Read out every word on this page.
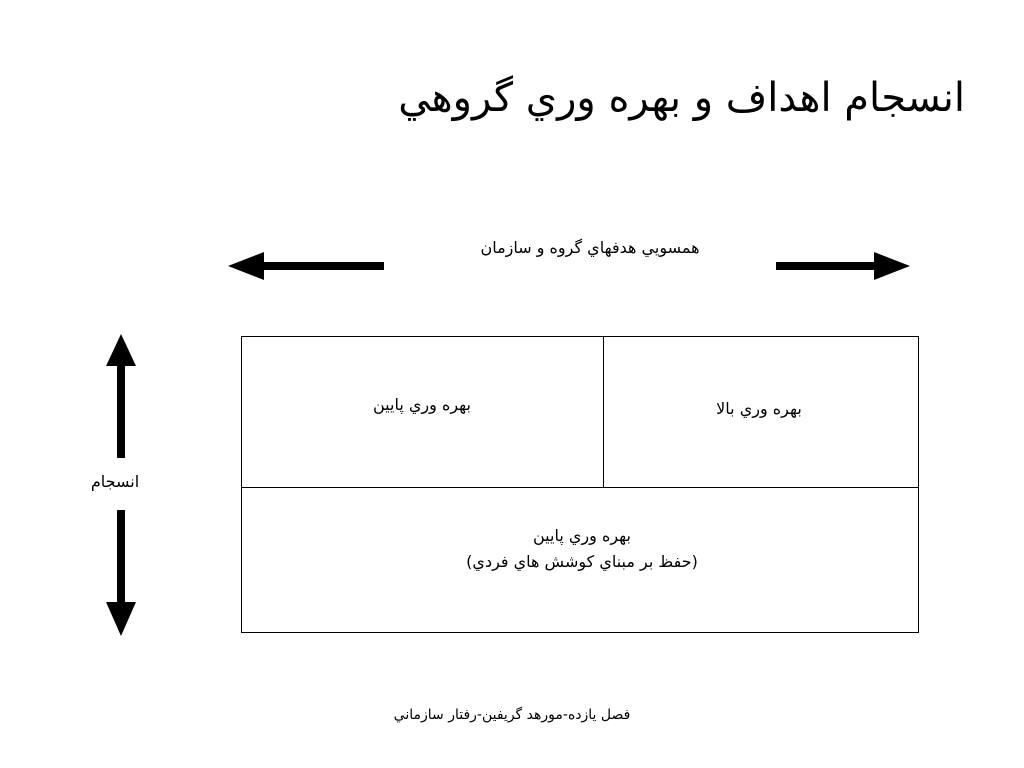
انسجام اهداف و بهره وري گروهي
همسويي هدفهاي گروه و سازمان
انسجام
بهره وري پايين	بهره وري بالا
بهره وري پايين
(حفظ بر مبناي كوشش هاي فردي)
فصل يازده-مورهد گريفين-رفتار سازماني
